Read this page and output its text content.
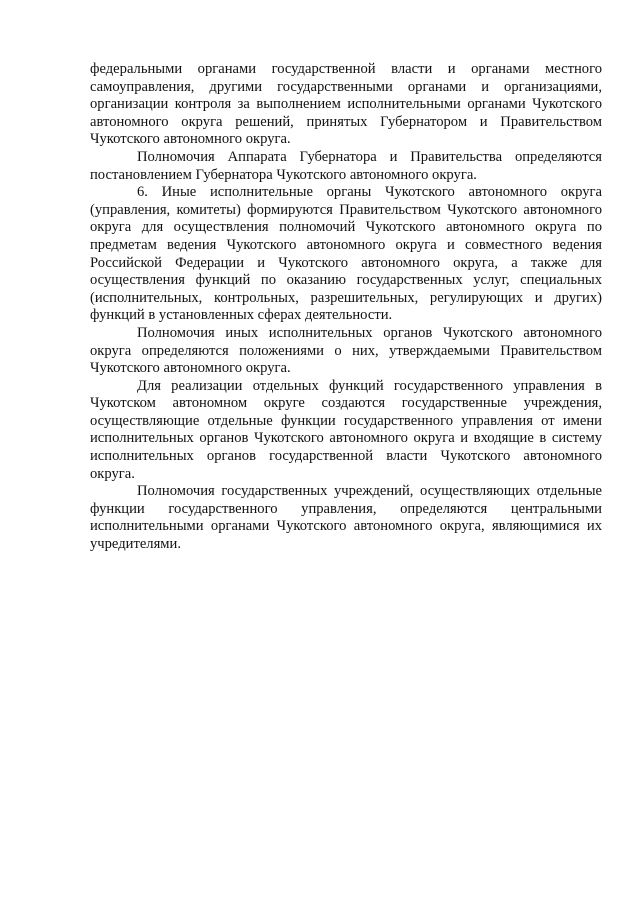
федеральными органами государственной власти и органами местного самоуправления, другими государственными органами и организациями, организации контроля за выполнением исполнительными органами Чукотского автономного округа решений, принятых Губернатором и Правительством Чукотского автономного округа.

Полномочия Аппарата Губернатора и Правительства определяются постановлением Губернатора Чукотского автономного округа.

6. Иные исполнительные органы Чукотского автономного округа (управления, комитеты) формируются Правительством Чукотского автономного округа для осуществления полномочий Чукотского автономного округа по предметам ведения Чукотского автономного округа и совместного ведения Российской Федерации и Чукотского автономного округа, а также для осуществления функций по оказанию государственных услуг, специальных (исполнительных, контрольных, разрешительных, регулирующих и других) функций в установленных сферах деятельности.

Полномочия иных исполнительных органов Чукотского автономного округа определяются положениями о них, утверждаемыми Правительством Чукотского автономного округа.

Для реализации отдельных функций государственного управления в Чукотском автономном округе создаются государственные учреждения, осуществляющие отдельные функции государственного управления от имени исполнительных органов Чукотского автономного округа и входящие в систему исполнительных органов государственной власти Чукотского автономного округа.

Полномочия государственных учреждений, осуществляющих отдельные функции государственного управления, определяются центральными исполнительными органами Чукотского автономного округа, являющимися их учредителями.
